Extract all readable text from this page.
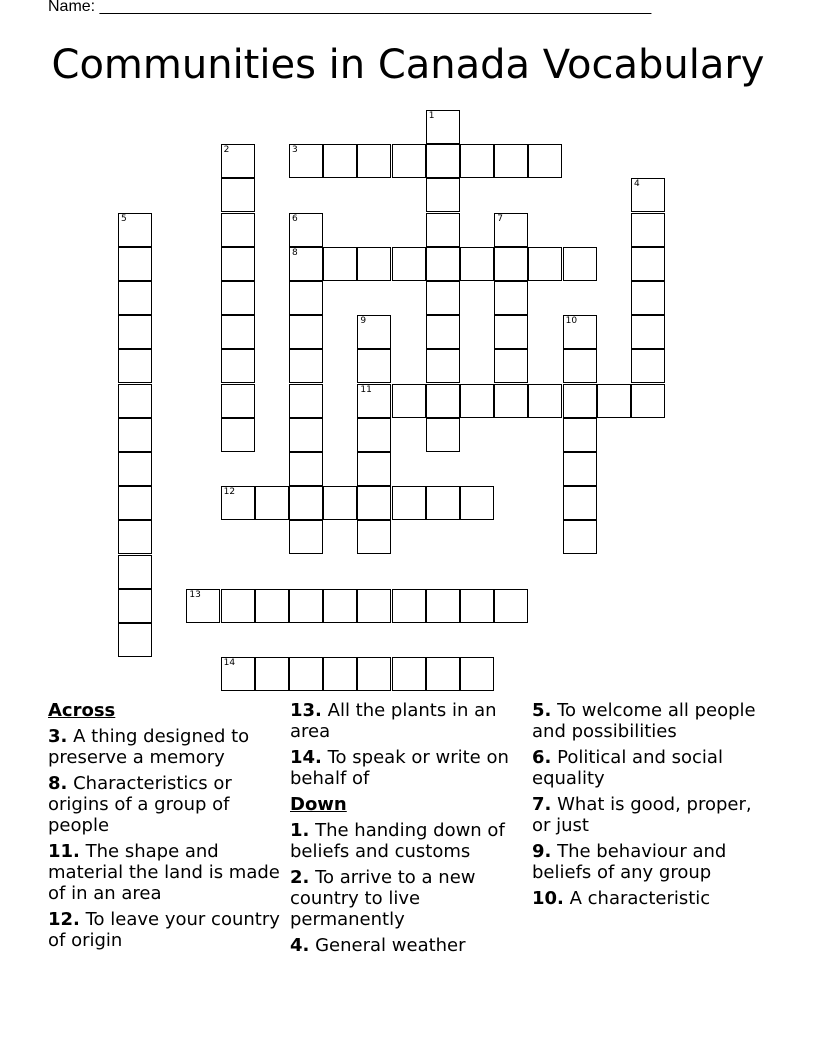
Name: ______________________________________________________________
Communities in Canada Vocabulary
1
2	3
4
5	6
8
7
9
11
10
12
13
14
Across
3. A thing designed to preserve a memory
8. Characteristics or origins of a group of people
11. The shape and material the land is made of in an area
12. To leave your country of origin
13. All the plants in an area
14. To speak or write on behalf of
Down
1. The handing down of beliefs and customs
2. To arrive to a new country to live permanently
4. General weather
5. To welcome all people and possibilities
6. Political and social equality
7. What is good, proper, or just
9. The behaviour and beliefs of any group
10. A characteristic
